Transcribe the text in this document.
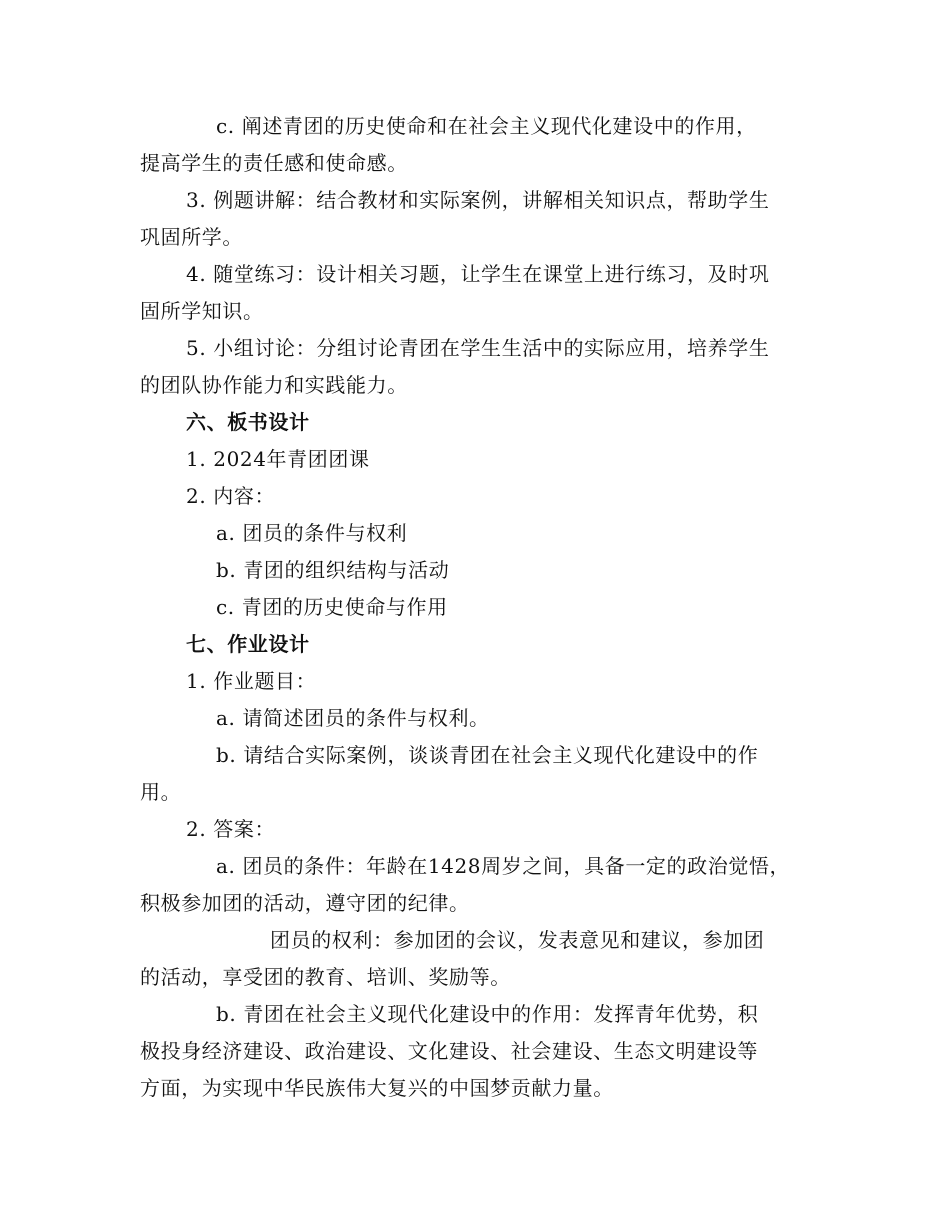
c. 阐述青团的历史使命和在社会主义现代化建设中的作用，
提高学生的责任感和使命感。
3. 例题讲解：结合教材和实际案例，讲解相关知识点，帮助学生
巩固所学。
4. 随堂练习：设计相关习题，让学生在课堂上进行练习，及时巩
固所学知识。
5. 小组讨论：分组讨论青团在学生生活中的实际应用，培养学生
的团队协作能力和实践能力。
六、板书设计
1. 2024年青团团课
2. 内容：
a. 团员的条件与权利
b. 青团的组织结构与活动
c. 青团的历史使命与作用
七、作业设计
1. 作业题目：
a. 请简述团员的条件与权利。
b. 请结合实际案例，谈谈青团在社会主义现代化建设中的作
用。
2. 答案：
a. 团员的条件：年龄在1428周岁之间，具备一定的政治觉悟，
积极参加团的活动，遵守团的纪律。
团员的权利：参加团的会议，发表意见和建议，参加团
的活动，享受团的教育、培训、奖励等。
b. 青团在社会主义现代化建设中的作用：发挥青年优势，积
极投身经济建设、政治建设、文化建设、社会建设、生态文明建设等
方面，为实现中华民族伟大复兴的中国梦贡献力量。
